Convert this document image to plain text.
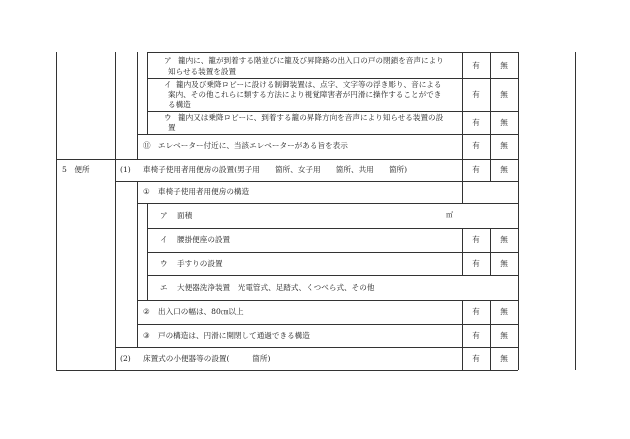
ア 籠内に、籠が到着する階並びに籠及び昇降路の出入口の戸の閉鎖を音声により
知らせる装置を設置
有	無
イ 籠内及び乗降ロビーに設ける制御装置は、点字、文字等の浮き彫り、音による
案内、その他これらに類する方法により視覚障害者が円滑に操作することができ
る構造
有	無
ウ 籠内又は乗降ロビーに、到着する籠の昇降方向を音声により知らせる装置の設
置
有	無
⑪ エレベーター付近に、当該エレベーターがある旨を表示	有	無
5　便所	(1) 車椅子使用者用便房の設置(男子用　　箇所、女子用　　箇所、共用　　箇所)	有	無
① 車椅子使用者用便房の構造
ア 面積	㎡
イ 腰掛便座の設置	有	無
ウ 手すりの設置	有	無
エ 大便器洗浄装置　光電管式、足踏式、くつべら式、その他
② 出入口の幅は、80㎝以上	有	無
③ 戸の構造は、円滑に開閉して通過できる構造	有	無
(2) 床置式の小便器等の設置(　　　箇所)	有	無
